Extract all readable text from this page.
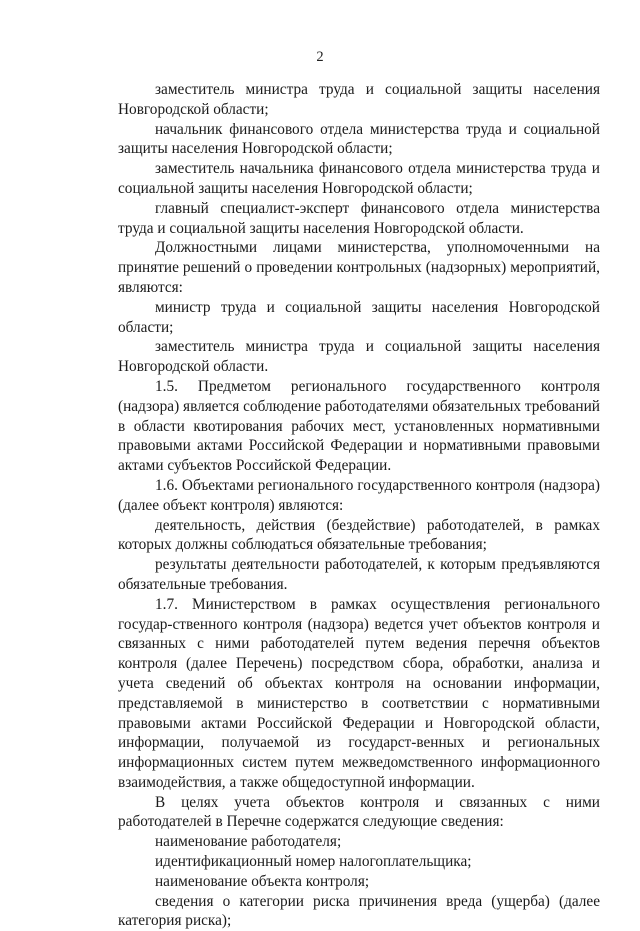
2

заместитель министра труда и социальной защиты населения Новгородской области;

начальник финансового отдела министерства труда и социальной защиты населения Новгородской области;

заместитель начальника финансового отдела министерства труда и социальной защиты населения Новгородской области;

главный специалист-эксперт финансового отдела министерства труда и социальной защиты населения Новгородской области.

Должностными лицами министерства, уполномоченными на принятие решений о проведении контрольных (надзорных) мероприятий, являются:

министр труда и социальной защиты населения Новгородской области;

заместитель министра труда и социальной защиты населения Новгородской области.

1.5. Предметом регионального государственного контроля (надзора) является соблюдение работодателями обязательных требований в области квотирования рабочих мест, установленных нормативными правовыми актами Российской Федерации и нормативными правовыми актами субъектов Российской Федерации.

1.6. Объектами регионального государственного контроля (надзора) (далее объект контроля) являются:

деятельность, действия (бездействие) работодателей, в рамках которых должны соблюдаться обязательные требования;

результаты деятельности работодателей, к которым предъявляются обязательные требования.

1.7. Министерством в рамках осуществления регионального государ-ственного контроля (надзора) ведется учет объектов контроля и связанных с ними работодателей путем ведения перечня объектов контроля (далее Перечень) посредством сбора, обработки, анализа и учета сведений об объектах контроля на основании информации, представляемой в министерство в соответствии с нормативными правовыми актами Российской Федерации и Новгородской области, информации, получаемой из государст-венных и региональных информационных систем путем межведомственного информационного взаимодействия, а также общедоступной информации.

В целях учета объектов контроля и связанных с ними работодателей в Перечне содержатся следующие сведения:

наименование работодателя;

идентификационный номер налогоплательщика;

наименование объекта контроля;

сведения о категории риска причинения вреда (ущерба) (далее категория риска);
